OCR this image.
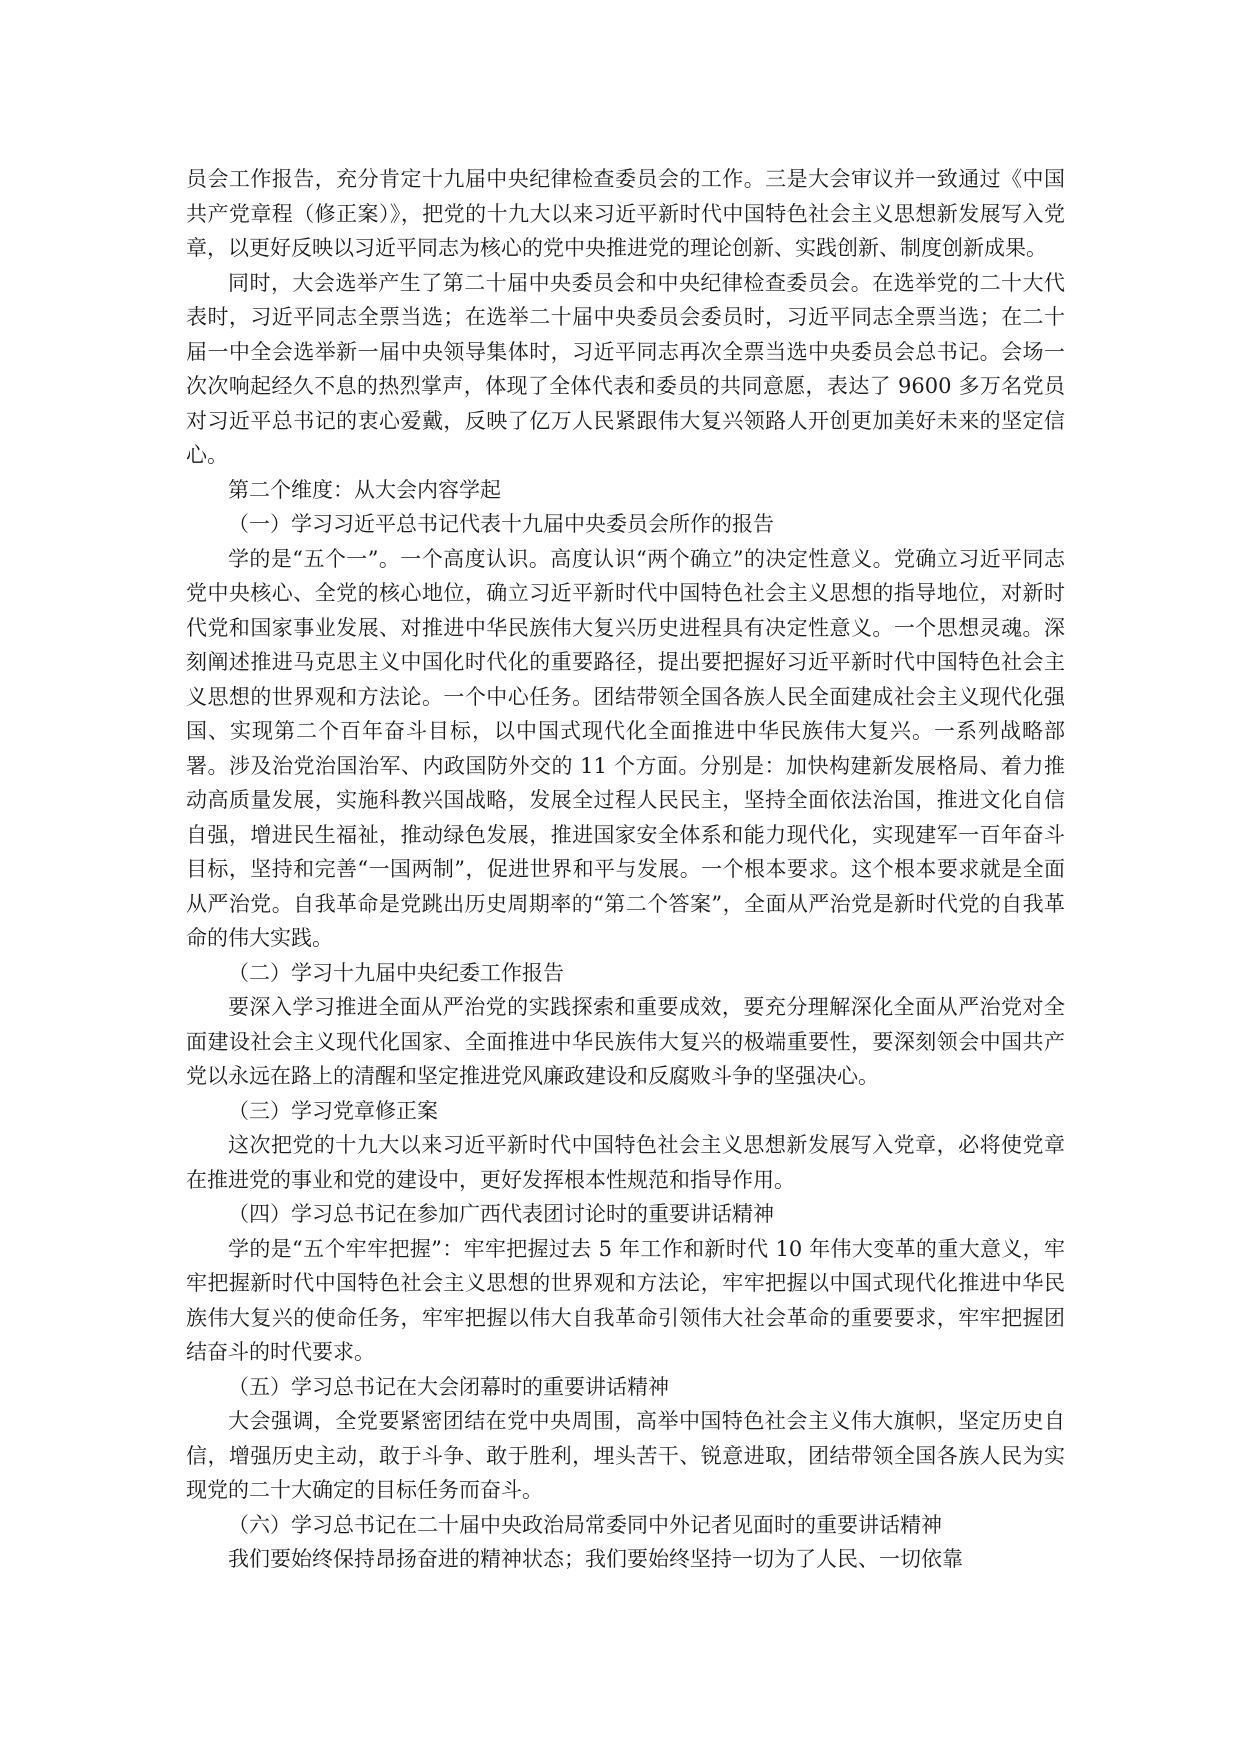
员会工作报告，充分肯定十九届中央纪律检查委员会的工作。三是大会审议并一致通过《中国共产党章程（修正案）》，把党的十九大以来习近平新时代中国特色社会主义思想新发展写入党章，以更好反映以习近平同志为核心的党中央推进党的理论创新、实践创新、制度创新成果。

同时，大会选举产生了第二十届中央委员会和中央纪律检查委员会。在选举党的二十大代表时，习近平同志全票当选；在选举二十届中央委员会委员时，习近平同志全票当选；在二十届一中全会选举新一届中央领导集体时，习近平同志再次全票当选中央委员会总书记。会场一次次响起经久不息的热烈掌声，体现了全体代表和委员的共同意愿，表达了 9600 多万名党员对习近平总书记的衷心爱戴，反映了亿万人民紧跟伟大复兴领路人开创更加美好未来的坚定信心。

第二个维度：从大会内容学起

（一）学习习近平总书记代表十九届中央委员会所作的报告

学的是“五个一”。一个高度认识。高度认识“两个确立”的决定性意义。党确立习近平同志党中央核心、全党的核心地位，确立习近平新时代中国特色社会主义思想的指导地位，对新时代党和国家事业发展、对推进中华民族伟大复兴历史进程具有决定性意义。一个思想灵魂。深刻阐述推进马克思主义中国化时代化的重要路径，提出要把握好习近平新时代中国特色社会主义思想的世界观和方法论。一个中心任务。团结带领全国各族人民全面建成社会主义现代化强国、实现第二个百年奋斗目标，以中国式现代化全面推进中华民族伟大复兴。一系列战略部署。涉及治党治国治军、内政国防外交的 11 个方面。分别是：加快构建新发展格局、着力推动高质量发展，实施科教兴国战略，发展全过程人民民主，坚持全面依法治国，推进文化自信自强，增进民生福祉，推动绿色发展，推进国家安全体系和能力现代化，实现建军一百年奋斗目标，坚持和完善“一国两制”，促进世界和平与发展。一个根本要求。这个根本要求就是全面从严治党。自我革命是党跳出历史周期率的“第二个答案”，全面从严治党是新时代党的自我革命的伟大实践。

（二）学习十九届中央纪委工作报告

要深入学习推进全面从严治党的实践探索和重要成效，要充分理解深化全面从严治党对全面建设社会主义现代化国家、全面推进中华民族伟大复兴的极端重要性，要深刻领会中国共产党以永远在路上的清醒和坚定推进党风廉政建设和反腐败斗争的坚强决心。

（三）学习党章修正案

这次把党的十九大以来习近平新时代中国特色社会主义思想新发展写入党章，必将使党章在推进党的事业和党的建设中，更好发挥根本性规范和指导作用。

（四）学习总书记在参加广西代表团讨论时的重要讲话精神

学的是“五个牢牢把握”：牢牢把握过去 5 年工作和新时代 10 年伟大变革的重大意义，牢牢把握新时代中国特色社会主义思想的世界观和方法论，牢牢把握以中国式现代化推进中华民族伟大复兴的使命任务，牢牢把握以伟大自我革命引领伟大社会革命的重要要求，牢牢把握团结奋斗的时代要求。

（五）学习总书记在大会闭幕时的重要讲话精神

大会强调，全党要紧密团结在党中央周围，高举中国特色社会主义伟大旗帜，坚定历史自信，增强历史主动，敢于斗争、敢于胜利，埋头苦干、锐意进取，团结带领全国各族人民为实现党的二十大确定的目标任务而奋斗。

（六）学习总书记在二十届中央政治局常委同中外记者见面时的重要讲话精神

我们要始终保持昂扬奋进的精神状态；我们要始终坚持一切为了人民、一切依靠
